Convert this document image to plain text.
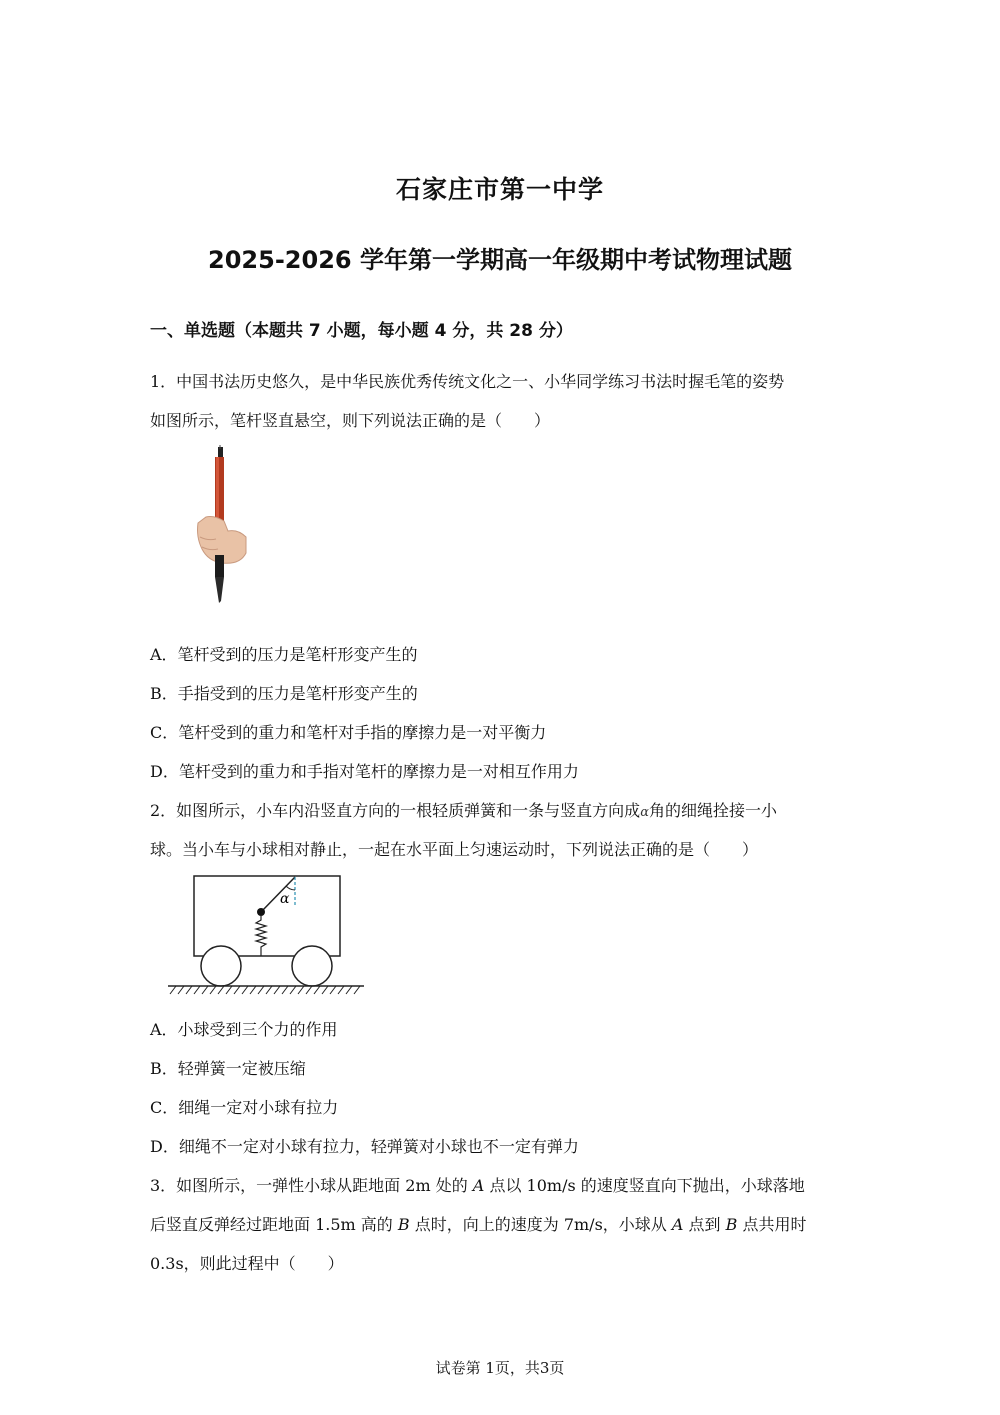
石家庄市第一中学
2025-2026 学年第一学期高一年级期中考试物理试题
一、单选题（本题共 7 小题，每小题 4 分，共 28 分）
1．中国书法历史悠久，是中华民族优秀传统文化之一、小华同学练习书法时握毛笔的姿势
如图所示，笔杆竖直悬空，则下列说法正确的是（　　）
A．笔杆受到的压力是笔杆形变产生的
B．手指受到的压力是笔杆形变产生的
C．笔杆受到的重力和笔杆对手指的摩擦力是一对平衡力
D．笔杆受到的重力和手指对笔杆的摩擦力是一对相互作用力
2．如图所示，小车内沿竖直方向的一根轻质弹簧和一条与竖直方向成α角的细绳拴接一小
球。当小车与小球相对静止，一起在水平面上匀速运动时，下列说法正确的是（　　）
α
A．小球受到三个力的作用
B．轻弹簧一定被压缩
C．细绳一定对小球有拉力
D．细绳不一定对小球有拉力，轻弹簧对小球也不一定有弹力
3．如图所示，一弹性小球从距地面 2m 处的 A 点以 10m/s 的速度竖直向下抛出，小球落地
后竖直反弹经过距地面 1.5m 高的 B 点时，向上的速度为 7m/s，小球从 A 点到 B 点共用时
0.3s，则此过程中（　　）
试卷第 1页，共3页
